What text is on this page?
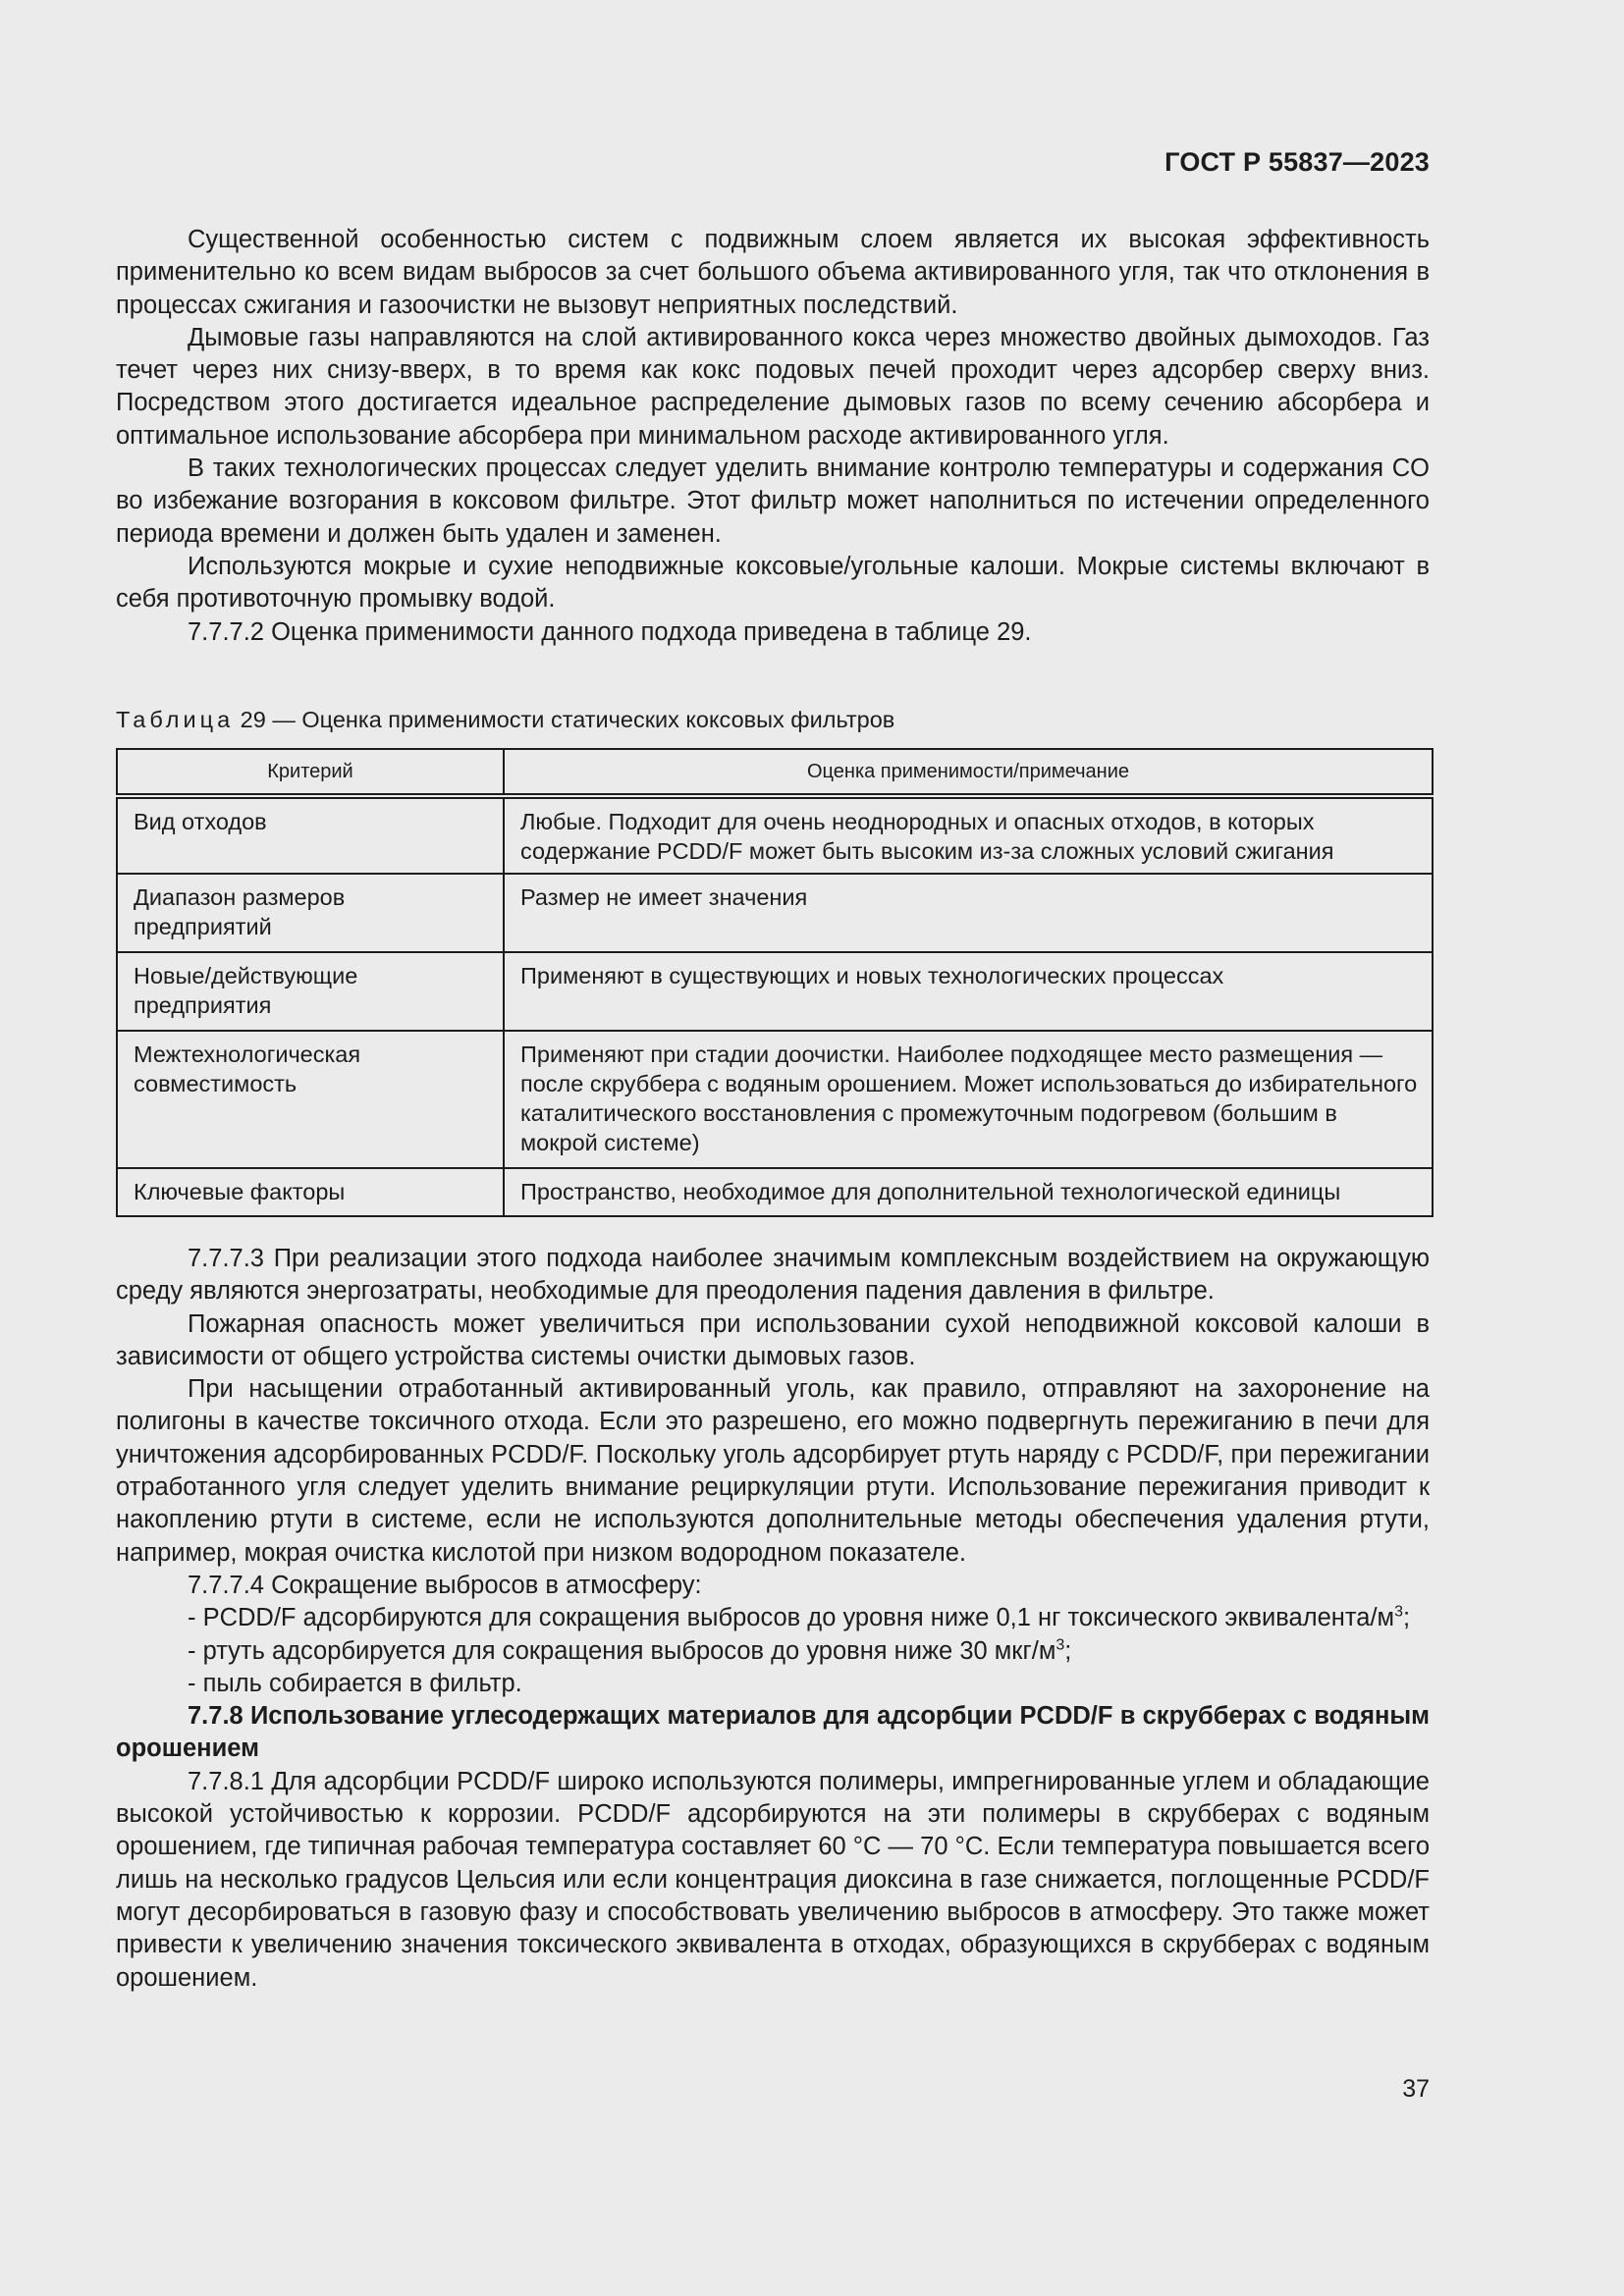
ГОСТ Р 55837—2023

Существенной особенностью систем с подвижным слоем является их высокая эффективность применительно ко всем видам выбросов за счет большого объема активированного угля, так что отклонения в процессах сжигания и газоочистки не вызовут неприятных последствий.

Дымовые газы направляются на слой активированного кокса через множество двойных дымоходов. Газ течет через них снизу-вверх, в то время как кокс подовых печей проходит через адсорбер сверху вниз. Посредством этого достигается идеальное распределение дымовых газов по всему сечению абсорбера и оптимальное использование абсорбера при минимальном расходе активированного угля.

В таких технологических процессах следует уделить внимание контролю температуры и содержания CO во избежание возгорания в коксовом фильтре. Этот фильтр может наполниться по истечении определенного периода времени и должен быть удален и заменен.

Используются мокрые и сухие неподвижные коксовые/угольные калоши. Мокрые системы включают в себя противоточную промывку водой.

7.7.7.2 Оценка применимости данного подхода приведена в таблице 29.

Таблица 29 — Оценка применимости статических коксовых фильтров
Критерий	Оценка применимости/примечание
Вид отходов	Любые. Подходит для очень неоднородных и опасных отходов, в которых содержание PCDD/F может быть высоким из-за сложных условий сжигания
Диапазон размеров предприятий	Размер не имеет значения
Новые/действующие предприятия	Применяют в существующих и новых технологических процессах
Межтехнологическая совместимость	Применяют при стадии доочистки. Наиболее подходящее место размещения — после скруббера с водяным орошением. Может использоваться до избирательного каталитического восстановления с промежуточным подогревом (большим в мокрой системе)
Ключевые факторы	Пространство, необходимое для дополнительной технологической единицы

7.7.7.3 При реализации этого подхода наиболее значимым комплексным воздействием на окружающую среду являются энергозатраты, необходимые для преодоления падения давления в фильтре.

Пожарная опасность может увеличиться при использовании сухой неподвижной коксовой калоши в зависимости от общего устройства системы очистки дымовых газов.

При насыщении отработанный активированный уголь, как правило, отправляют на захоронение на полигоны в качестве токсичного отхода. Если это разрешено, его можно подвергнуть пережиганию в печи для уничтожения адсорбированных PCDD/F. Поскольку уголь адсорбирует ртуть наряду с PCDD/F, при пережигании отработанного угля следует уделить внимание рециркуляции ртути. Использование пережигания приводит к накоплению ртути в системе, если не используются дополнительные методы обеспечения удаления ртути, например, мокрая очистка кислотой при низком водородном показателе.

7.7.7.4 Сокращение выбросов в атмосферу:

- PCDD/F адсорбируются для сокращения выбросов до уровня ниже 0,1 нг токсического эквивалента/$м^3$;

- ртуть адсорбируется для сокращения выбросов до уровня ниже 30 мкг/$м^3$;

- пыль собирается в фильтр.

7.7.8 Использование углесодержащих материалов для адсорбции PCDD/F в скрубберах с водяным орошением

7.7.8.1 Для адсорбции PCDD/F широко используются полимеры, импрегнированные углем и обладающие высокой устойчивостью к коррозии. PCDD/F адсорбируются на эти полимеры в скрубберах с водяным орошением, где типичная рабочая температура составляет 60 °C — 70 °C. Если температура повышается всего лишь на несколько градусов Цельсия или если концентрация диоксина в газе снижается, поглощенные PCDD/F могут десорбироваться в газовую фазу и способствовать увеличению выбросов в атмосферу. Это также может привести к увеличению значения токсического эквивалента в отходах, образующихся в скрубберах с водяным орошением.

37
